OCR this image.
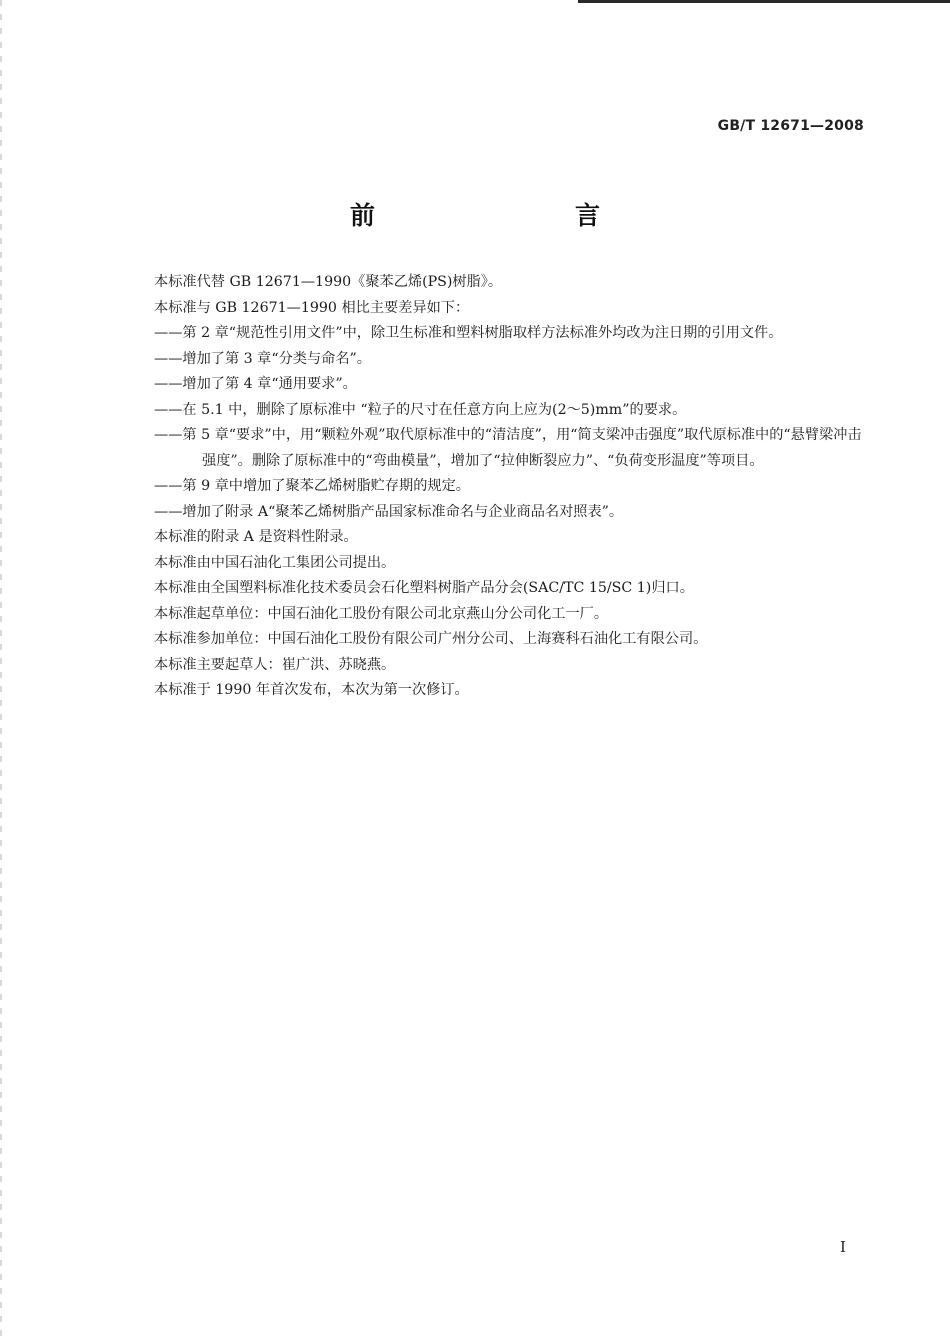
GB/T 12671—2008
前　　言

本标准代替 GB 12671—1990《聚苯乙烯(PS)树脂》。

本标准与 GB 12671—1990 相比主要差异如下：

——第 2 章“规范性引用文件”中，除卫生标准和塑料树脂取样方法标准外均改为注日期的引用文件。

——增加了第 3 章“分类与命名”。

——增加了第 4 章“通用要求”。

——在 5.1 中，删除了原标准中 “粒子的尺寸在任意方向上应为(2～5)mm”的要求。

——第 5 章“要求”中，用“颗粒外观”取代原标准中的“清洁度”，用“简支梁冲击强度”取代原标准中的“悬臂梁冲击强度”。删除了原标准中的“弯曲模量”，增加了“拉伸断裂应力”、“负荷变形温度”等项目。

——第 9 章中增加了聚苯乙烯树脂贮存期的规定。

——增加了附录 A“聚苯乙烯树脂产品国家标准命名与企业商品名对照表”。

本标准的附录 A 是资料性附录。

本标准由中国石油化工集团公司提出。

本标准由全国塑料标准化技术委员会石化塑料树脂产品分会(SAC/TC 15/SC 1)归口。

本标准起草单位：中国石油化工股份有限公司北京燕山分公司化工一厂。

本标准参加单位：中国石油化工股份有限公司广州分公司、上海赛科石油化工有限公司。

本标准主要起草人：崔广洪、苏晓燕。

本标准于 1990 年首次发布，本次为第一次修订。

I
